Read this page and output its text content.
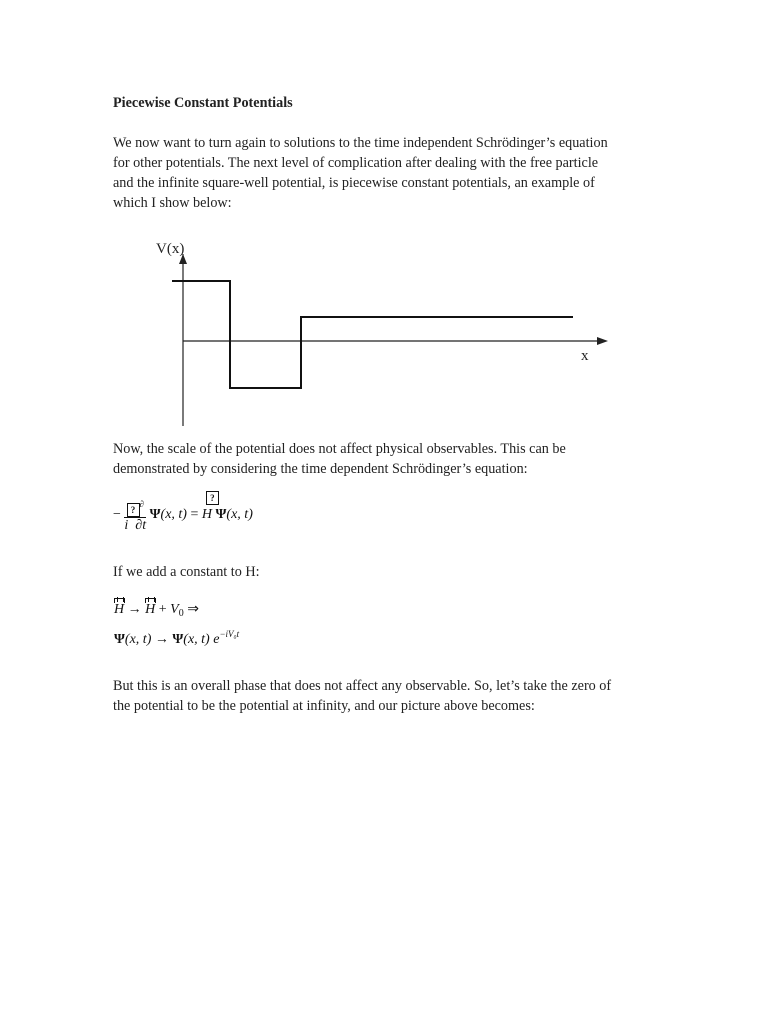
Piecewise Constant Potentials

We now want to turn again to solutions to the time independent Schrödinger’s equation
for other potentials. The next level of complication after dealing with the free particle
and the infinite square-well potential, is piecewise constant potentials, an example of
which I show below:

V(x)
x

Now, the scale of the potential does not affect physical observables. This can be
demonstrated by considering the time dependent Schrödinger’s equation:

− $\frac{?^\partial}{i \partial t} \Psi(x$, t) =
?
H Ψ(x, t)

If we add a constant to H:

$H \to H + V_0$ ⇒
Ψ(x, t) → Ψ(x, t) $e^{-iV_0t}$

But this is an overall phase that does not affect any observable. So, let’s take the zero of
the potential to be the potential at infinity, and our picture above becomes:
